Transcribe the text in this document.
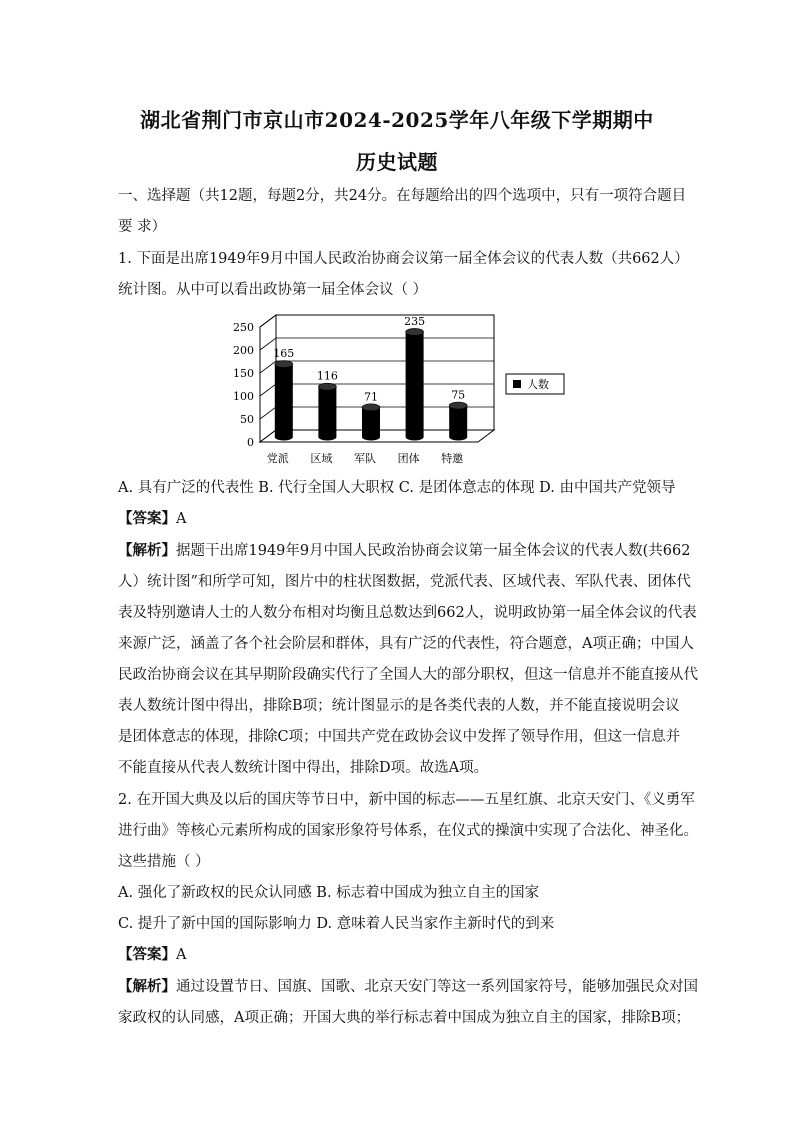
湖北省荆门市京山市2024-2025学年八年级下学期期中
历史试题
一、选择题（共12题，每题2分，共24分。在每题给出的四个选项中，只有一项符合题目
要 求）
1. 下面是出席1949年9月中国人民政治协商会议第一届全体会议的代表人数（共662人）
统计图。从中可以看出政协第一届全体会议（ ）
0
50
100
150
200
250
165
党派
116
区域
71
军队
235
团体
75
特邀
人数
A. 具有广泛的代表性 B. 代行全国人大职权 C. 是团体意志的体现 D. 由中国共产党领导
【答案】A
【解析】据题干出席1949年9月中国人民政治协商会议第一届全体会议的代表人数(共662
人）统计图”和所学可知，图片中的柱状图数据，党派代表、区域代表、军队代表、团体代
表及特别邀请人士的人数分布相对均衡且总数达到662人，说明政协第一届全体会议的代表
来源广泛，涵盖了各个社会阶层和群体，具有广泛的代表性，符合题意，A项正确；中国人
民政治协商会议在其早期阶段确实代行了全国人大的部分职权，但这一信息并不能直接从代
表人数统计图中得出，排除B项；统计图显示的是各类代表的人数，并不能直接说明会议
是团体意志的体现，排除C项；中国共产党在政协会议中发挥了领导作用，但这一信息并
不能直接从代表人数统计图中得出，排除D项。故选A项。
2. 在开国大典及以后的国庆等节日中，新中国的标志——五星红旗、北京天安门、《义勇军
进行曲》等核心元素所构成的国家形象符号体系，在仪式的操演中实现了合法化、神圣化。
这些措施（ ）
A. 强化了新政权的民众认同感 B. 标志着中国成为独立自主的国家
C. 提升了新中国的国际影响力 D. 意味着人民当家作主新时代的到来
【答案】A
【解析】通过设置节日、国旗、国歌、北京天安门等这一系列国家符号，能够加强民众对国
家政权的认同感，A项正确；开国大典的举行标志着中国成为独立自主的国家，排除B项；
